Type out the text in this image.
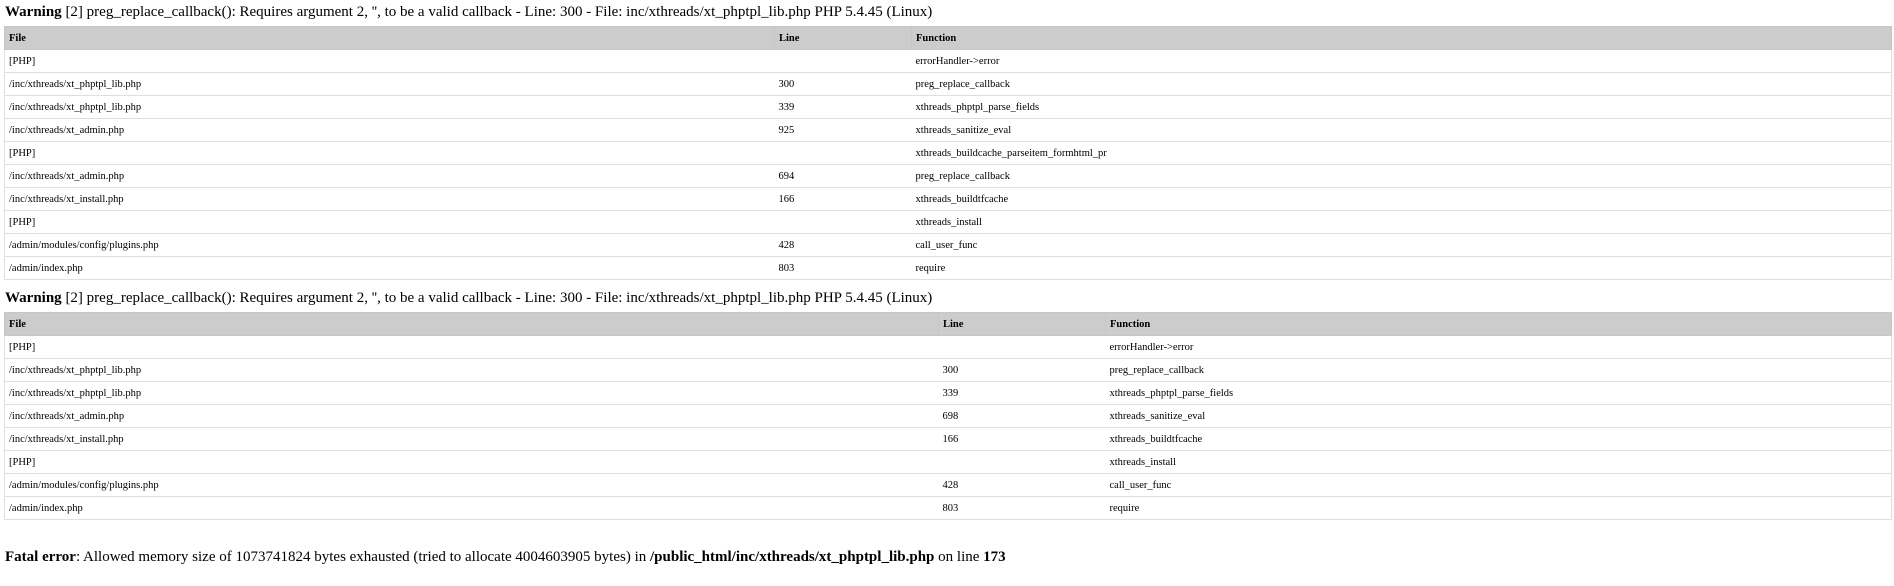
Warning [2] preg_replace_callback(): Requires argument 2, '', to be a valid callback - Line: 300 - File: inc/xthreads/xt_phptpl_lib.php PHP 5.4.45 (Linux)
File	Line	Function
[PHP]		errorHandler->error
/inc/xthreads/xt_phptpl_lib.php	300	preg_replace_callback
/inc/xthreads/xt_phptpl_lib.php	339	xthreads_phptpl_parse_fields
/inc/xthreads/xt_admin.php	925	xthreads_sanitize_eval
[PHP]		xthreads_buildcache_parseitem_formhtml_pr
/inc/xthreads/xt_admin.php	694	preg_replace_callback
/inc/xthreads/xt_install.php	166	xthreads_buildtfcache
[PHP]		xthreads_install
/admin/modules/config/plugins.php	428	call_user_func
/admin/index.php	803	require
Warning [2] preg_replace_callback(): Requires argument 2, '', to be a valid callback - Line: 300 - File: inc/xthreads/xt_phptpl_lib.php PHP 5.4.45 (Linux)
File	Line	Function
[PHP]		errorHandler->error
/inc/xthreads/xt_phptpl_lib.php	300	preg_replace_callback
/inc/xthreads/xt_phptpl_lib.php	339	xthreads_phptpl_parse_fields
/inc/xthreads/xt_admin.php	698	xthreads_sanitize_eval
/inc/xthreads/xt_install.php	166	xthreads_buildtfcache
[PHP]		xthreads_install
/admin/modules/config/plugins.php	428	call_user_func
/admin/index.php	803	require
Fatal error: Allowed memory size of 1073741824 bytes exhausted (tried to allocate 4004603905 bytes) in /public_html/inc/xthreads/xt_phptpl_lib.php on line 173
